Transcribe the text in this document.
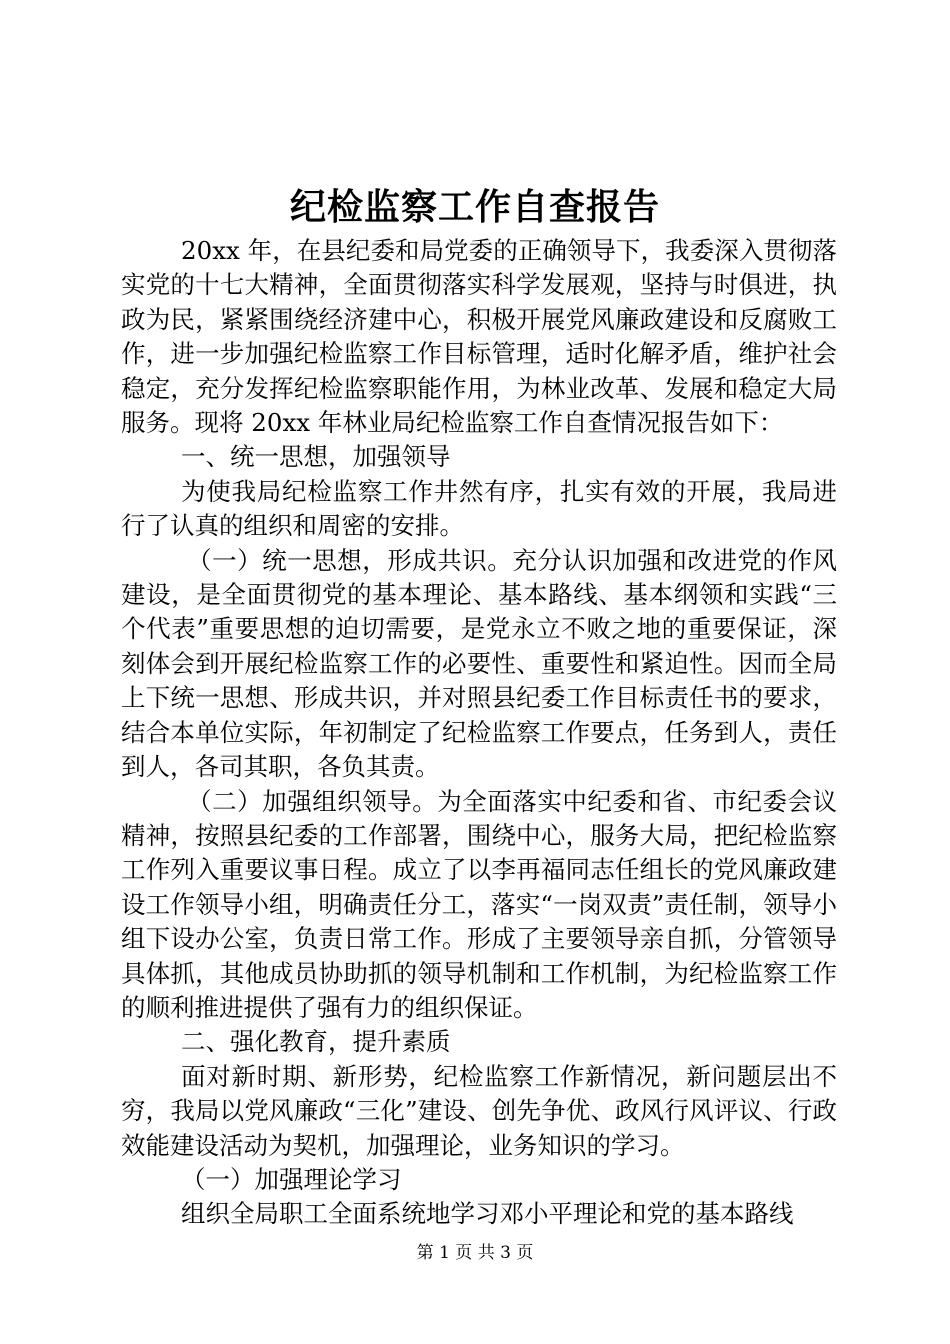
纪检监察工作自查报告

20xx 年，在县纪委和局党委的正确领导下，我委深入贯彻落实党的十七大精神，全面贯彻落实科学发展观，坚持与时俱进，执政为民，紧紧围绕经济建中心，积极开展党风廉政建设和反腐败工作，进一步加强纪检监察工作目标管理，适时化解矛盾，维护社会稳定，充分发挥纪检监察职能作用，为林业改革、发展和稳定大局服务。现将 20xx 年林业局纪检监察工作自查情况报告如下：

一、统一思想，加强领导

为使我局纪检监察工作井然有序，扎实有效的开展，我局进行了认真的组织和周密的安排。

（一）统一思想，形成共识。充分认识加强和改进党的作风建设，是全面贯彻党的基本理论、基本路线、基本纲领和实践“三个代表”重要思想的迫切需要，是党永立不败之地的重要保证，深刻体会到开展纪检监察工作的必要性、重要性和紧迫性。因而全局上下统一思想、形成共识，并对照县纪委工作目标责任书的要求，结合本单位实际，年初制定了纪检监察工作要点，任务到人，责任到人，各司其职，各负其责。

（二）加强组织领导。为全面落实中纪委和省、市纪委会议精神，按照县纪委的工作部署，围绕中心，服务大局，把纪检监察工作列入重要议事日程。成立了以李再福同志任组长的党风廉政建设工作领导小组，明确责任分工，落实“一岗双责”责任制，领导小组下设办公室，负责日常工作。形成了主要领导亲自抓，分管领导具体抓，其他成员协助抓的领导机制和工作机制，为纪检监察工作的顺利推进提供了强有力的组织保证。

二、强化教育，提升素质

面对新时期、新形势，纪检监察工作新情况，新问题层出不穷，我局以党风廉政“三化”建设、创先争优、政风行风评议、行政效能建设活动为契机，加强理论，业务知识的学习。

（一）加强理论学习

组织全局职工全面系统地学习邓小平理论和党的基本路线

第 1 页 共 3 页
